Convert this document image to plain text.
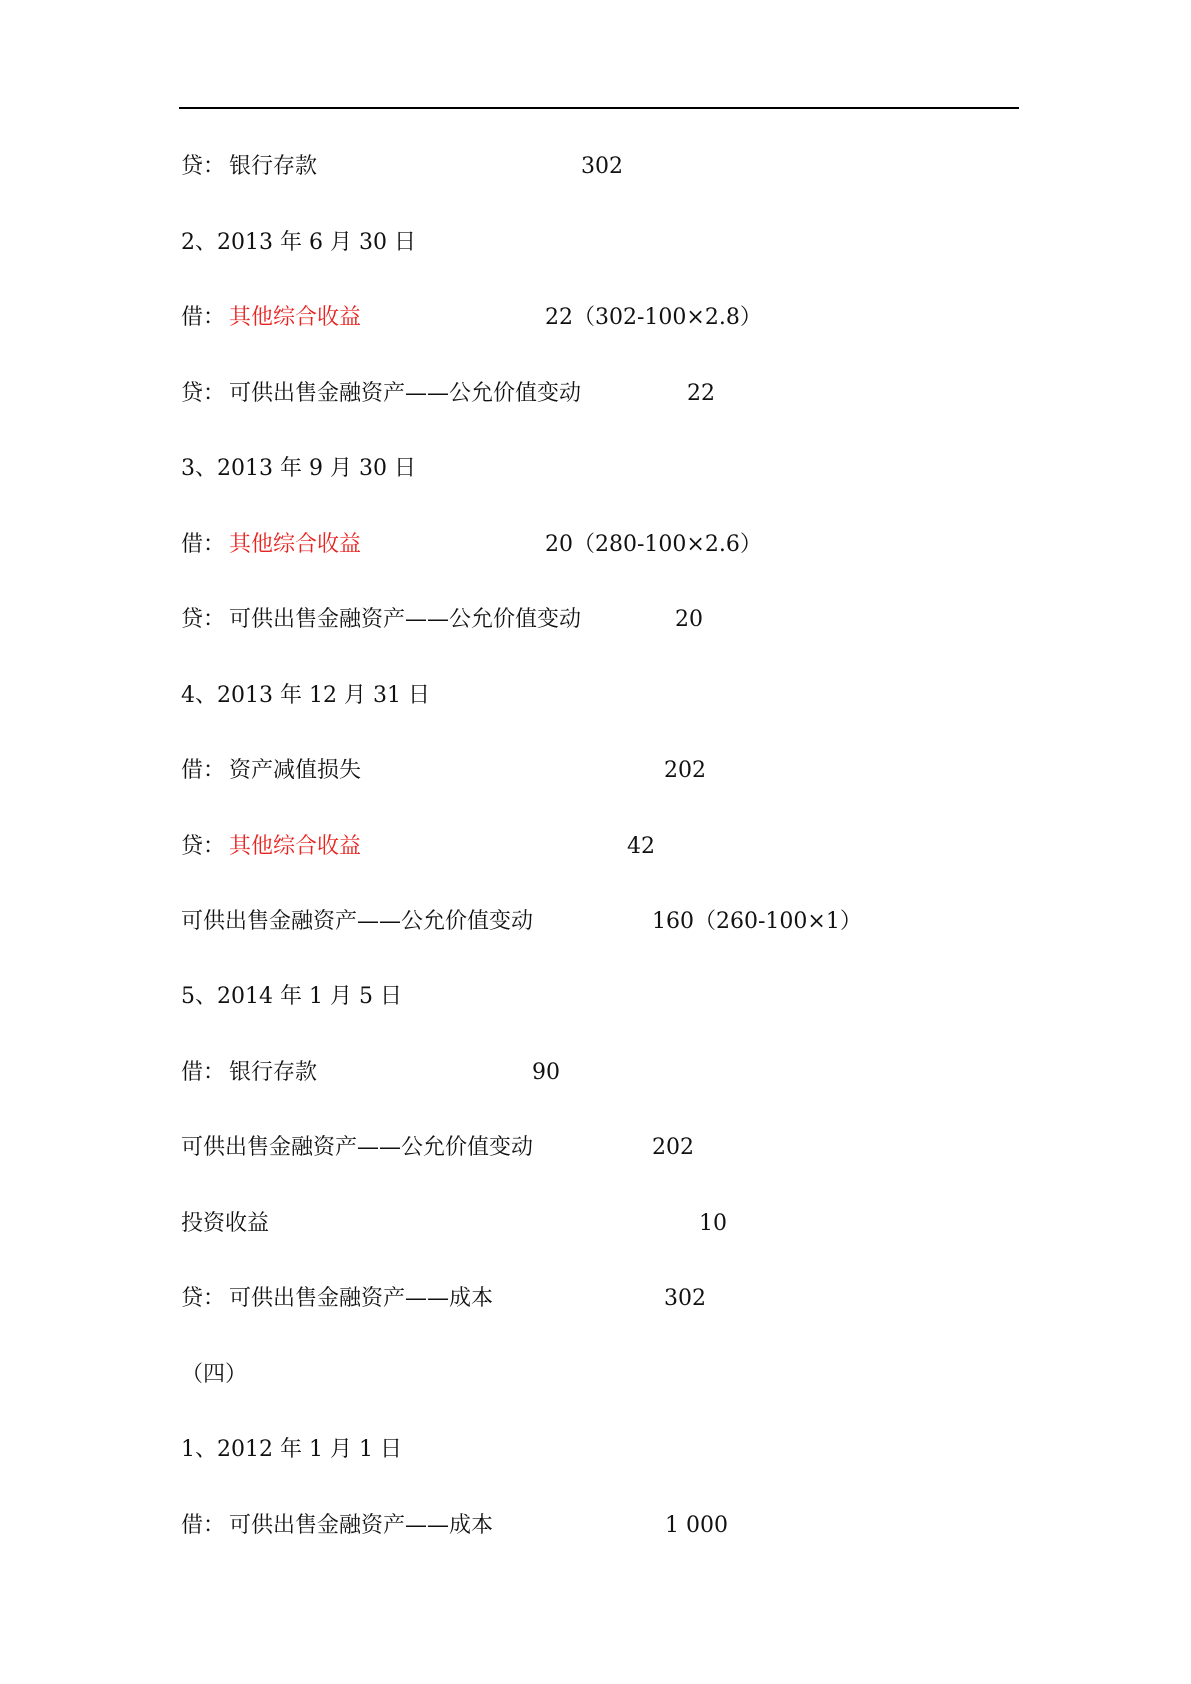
贷： 银行存款	302
2、2013 年 6 月 30 日
借： 其他综合收益	22（302-100×2.8）
贷： 可供出售金融资产——公允价值变动	22
3、2013 年 9 月 30 日
借： 其他综合收益	20（280-100×2.6）
贷： 可供出售金融资产——公允价值变动	20
4、2013 年 12 月 31 日
借： 资产减值损失	202
贷： 其他综合收益	42
可供出售金融资产——公允价值变动	160（260-100×1）
5、2014 年 1 月 5 日
借： 银行存款	90
可供出售金融资产——公允价值变动	202
投资收益	10
贷： 可供出售金融资产——成本	302
（四）
1、2012 年 1 月 1 日
借： 可供出售金融资产——成本	1 000
